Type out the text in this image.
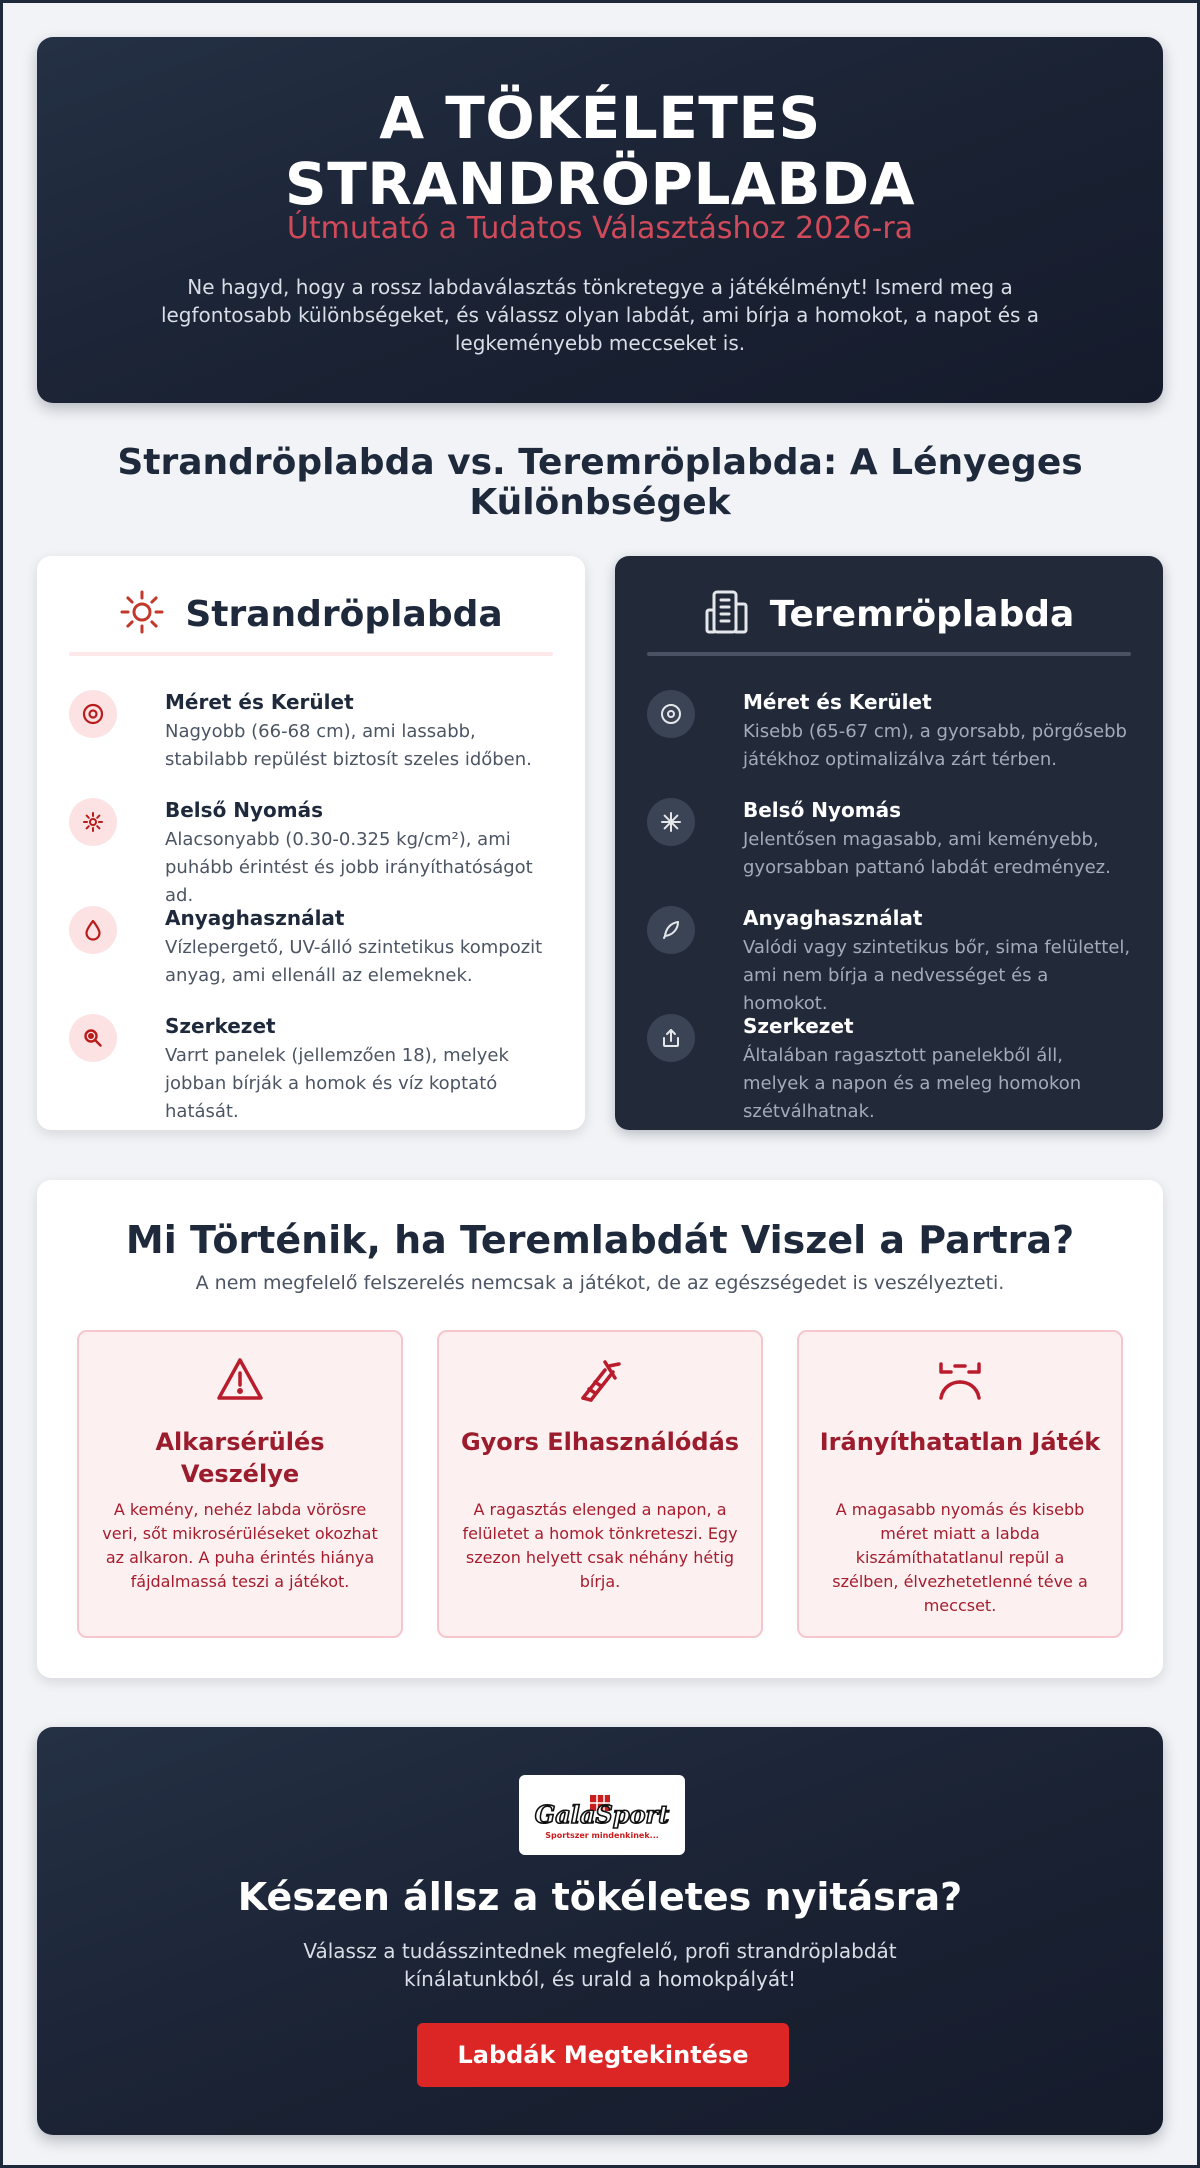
A TÖKÉLETES STRANDRÖPLABDA
Útmutató a Tudatos Választáshoz 2026-ra

Ne hagyd, hogy a rossz labdaválasztás tönkretegye a játékélményt! Ismerd meg a legfontosabb különbségeket, és válassz olyan labdát, ami bírja a homokot, a napot és a legkeményebb meccseket is.

Strandröplabda vs. Teremröplabda: A Lényeges Különbségek
Strandröplabda
Méret és Kerület

Nagyobb (66-68 cm), ami lassabb, stabilabb repülést biztosít szeles időben.

Belső Nyomás

Alacsonyabb (0.30-0.325 kg/cm²), ami puhább érintést és jobb irányíthatóságot ad.

Anyaghasználat

Vízlepergető, UV-álló szintetikus kompozit anyag, ami ellenáll az elemeknek.

Szerkezet

Varrt panelek (jellemzően 18), melyek jobban bírják a homok és víz koptató hatását.

Teremröplabda
Méret és Kerület

Kisebb (65-67 cm), a gyorsabb, pörgősebb játékhoz optimalizálva zárt térben.

Belső Nyomás

Jelentősen magasabb, ami keményebb, gyorsabban pattanó labdát eredményez.

Anyaghasználat

Valódi vagy szintetikus bőr, sima felülettel, ami nem bírja a nedvességet és a homokot.

Szerkezet

Általában ragasztott panelekből áll, melyek a napon és a meleg homokon szétválhatnak.

Mi Történik, ha Teremlabdát Viszel a Partra?

A nem megfelelő felszerelés nemcsak a játékot, de az egészségedet is veszélyezteti.

Alkarsérülés Veszélye

A kemény, nehéz labda vörösre veri, sőt mikrosérüléseket okozhat az alkaron. A puha érintés hiánya fájdalmassá teszi a játékot.

Gyors Elhasználódás

A ragasztás elenged a napon, a felületet a homok tönkreteszi. Egy szezon helyett csak néhány hétig bírja.

Irányíthatatlan Játék

A magasabb nyomás és kisebb méret miatt a labda kiszámíthatatlanul repül a szélben, élvezhetetlenné téve a meccset.

GalaSport
Sportszer mindenkinek...
Készen állsz a tökéletes nyitásra?

Válassz a tudásszintednek megfelelő, profi strandröplabdát kínálatunkból, és urald a homokpályát!

Labdák Megtekintése
